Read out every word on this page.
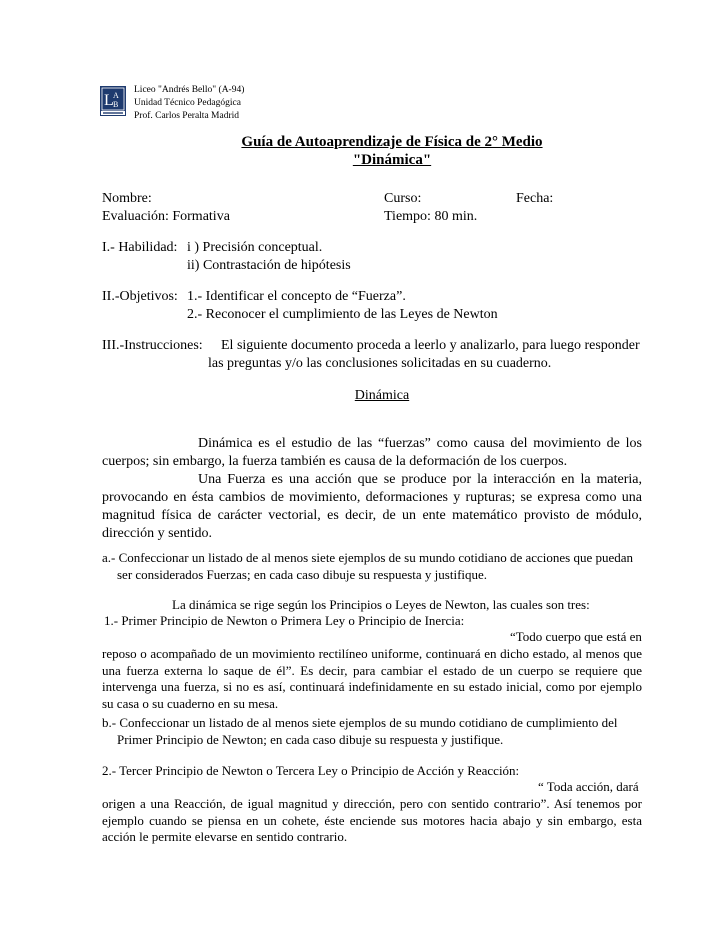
L A
B
Liceo "Andrés Bello" (A-94)
Unidad Técnico Pedagógica
Prof. Carlos Peralta Madrid
Guía de Autoaprendizaje de Física de 2° Medio
"Dinámica"
Nombre:	Curso:	Fecha:
Evaluación: Formativa	Tiempo: 80 min.
I.- Habilidad: i ) Precisión conceptual.
ii) Contrastación de hipótesis
II.-Objetivos: 1.- Identificar el concepto de “Fuerza”.
2.- Reconocer el cumplimiento de las Leyes de Newton
III.-Instrucciones: El siguiente documento proceda a leerlo y analizarlo, para luego responder
las preguntas y/o las conclusiones solicitadas en su cuaderno.
Dinámica
Dinámica es el estudio de las “fuerzas” como causa del movimiento de los cuerpos; sin embargo, la fuerza también es causa de la deformación de los cuerpos.
Una Fuerza es una acción que se produce por la interacción en la materia, provocando en ésta cambios de movimiento, deformaciones y rupturas; se expresa como una magnitud física de carácter vectorial, es decir, de un ente matemático provisto de módulo, dirección y sentido.
a.- Confeccionar un listado de al menos siete ejemplos de su mundo cotidiano de acciones que puedan
ser considerados Fuerzas; en cada caso dibuje su respuesta y justifique.
La dinámica se rige según los Principios o Leyes de Newton, las cuales son tres:
1.- Primer Principio de Newton o Primera Ley o Principio de Inercia:
“Todo cuerpo que está en
reposo o acompañado de un movimiento rectilíneo uniforme, continuará en dicho estado, al menos que una fuerza externa lo saque de él”. Es decir, para cambiar el estado de un cuerpo se requiere que intervenga una fuerza, si no es así, continuará indefinidamente en su estado inicial, como por ejemplo su casa o su cuaderno en su mesa.
b.- Confeccionar un listado de al menos siete ejemplos de su mundo cotidiano de cumplimiento del
Primer Principio de Newton; en cada caso dibuje su respuesta y justifique.
2.- Tercer Principio de Newton o Tercera Ley o Principio de Acción y Reacción:
“ Toda acción, dará
origen a una Reacción, de igual magnitud y dirección, pero con sentido contrario”. Así tenemos por ejemplo cuando se piensa en un cohete, éste enciende sus motores hacia abajo y sin embargo, esta acción le permite elevarse en sentido contrario.
